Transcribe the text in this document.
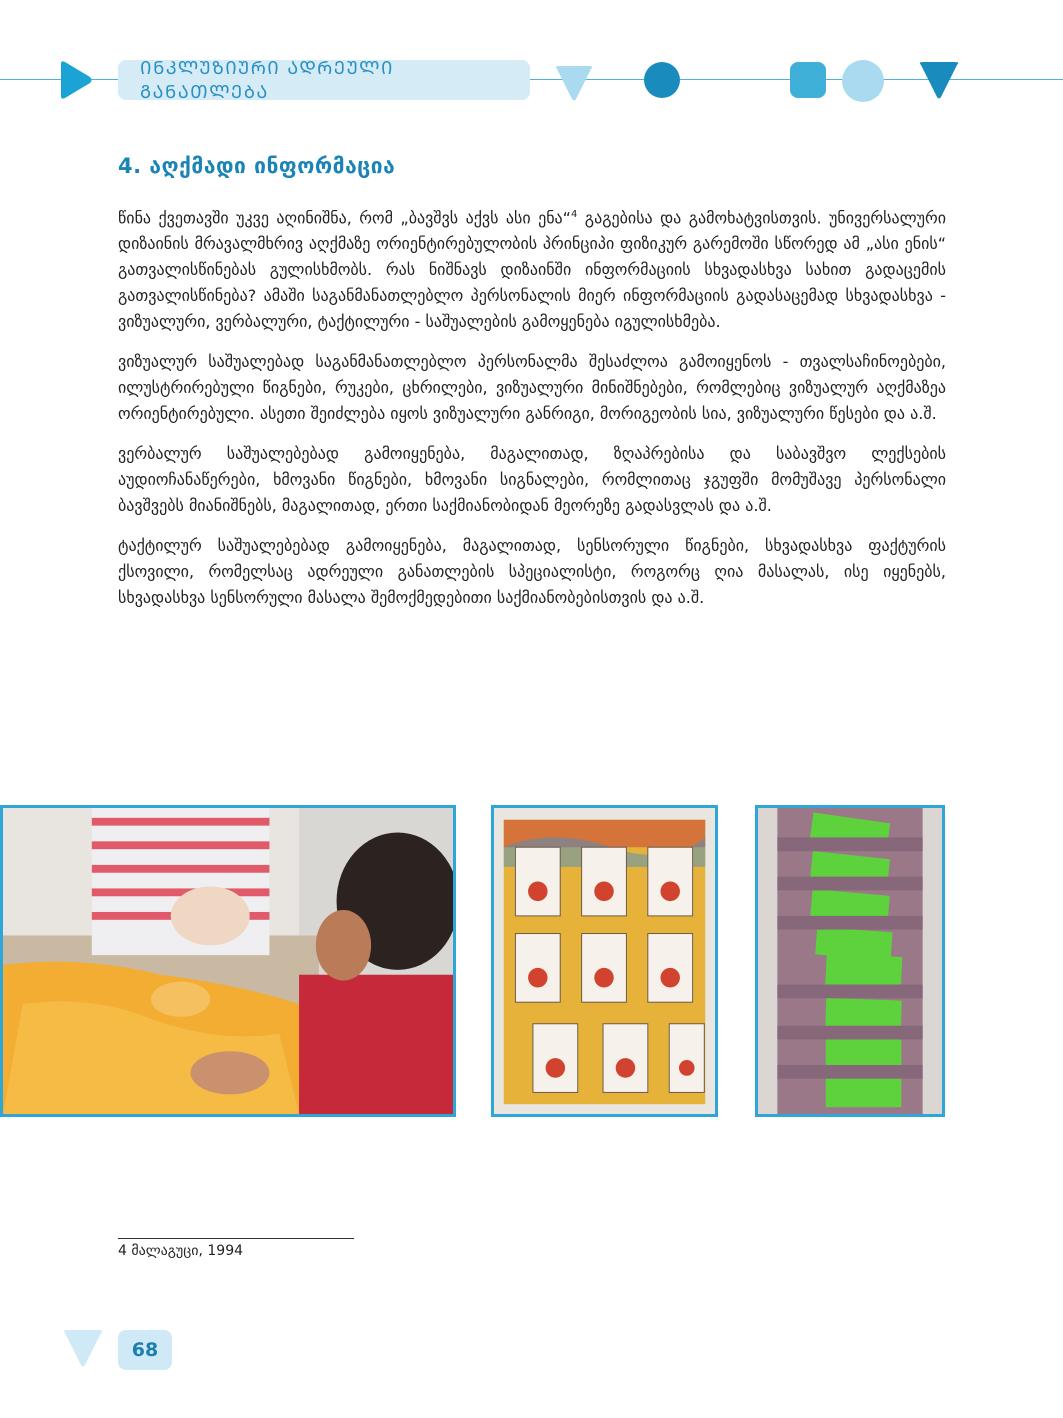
ᲘᲜᲙᲚᲣᲖᲘᲣᲠᲘ ᲐᲓᲠᲔᲣᲚᲘ ᲒᲐᲜᲐᲗᲚᲔᲑᲐ
4. აღქმადი ინფორმაცია

წინა ქვეთავში უკვე აღინიშნა, რომ „ბავშვს აქვს ასი ენა“$^4$ გაგებისა და გამოხატვისთვის. უნივერსალური დიზაინის მრავალმხრივ აღქმაზე ორიენტირებულობის პრინციპი ფიზიკურ გარემოში სწორედ ამ „ასი ენის“ გათვალისწინებას გულისხმობს. რას ნიშნავს დიზაინში ინფორმაციის სხვადასხვა სახით გადაცემის გათვალისწინება? ამაში საგანმანათლებლო პერსონალის მიერ ინფორმაციის გადასაცემად სხვადასხვა - ვიზუალური, ვერბალური, ტაქტილური - საშუალების გამოყენება იგულისხმება.

ვიზუალურ საშუალებად საგანმანათლებლო პერსონალმა შესაძლოა გამოიყენოს - თვალსაჩინოებები, ილუსტრირებული წიგნები, რუკები, ცხრილები, ვიზუალური მინიშნებები, რომლებიც ვიზუალურ აღქმაზეა ორიენტირებული. ასეთი შეიძლება იყოს ვიზუალური განრიგი, მორიგეობის სია, ვიზუალური წესები და ა.შ.

ვერბალურ საშუალებებად გამოიყენება, მაგალითად, ზღაპრებისა და საბავშვო ლექსების აუდიოჩანაწერები, ხმოვანი წიგნები, ხმოვანი სიგნალები, რომლითაც ჯგუფში მომუშავე პერსონალი ბავშვებს მიანიშნებს, მაგალითად, ერთი საქმიანობიდან მეორეზე გადასვლას და ა.შ.

ტაქტილურ საშუალებებად გამოიყენება, მაგალითად, სენსორული წიგნები, სხვადასხვა ფაქტურის ქსოვილი, რომელსაც ადრეული განათლების სპეციალისტი, როგორც ღია მასალას, ისე იყენებს, სხვადასხვა სენსორული მასალა შემოქმედებითი საქმიანობებისთვის და ა.შ.

4 მალაგუცი, 1994
68
